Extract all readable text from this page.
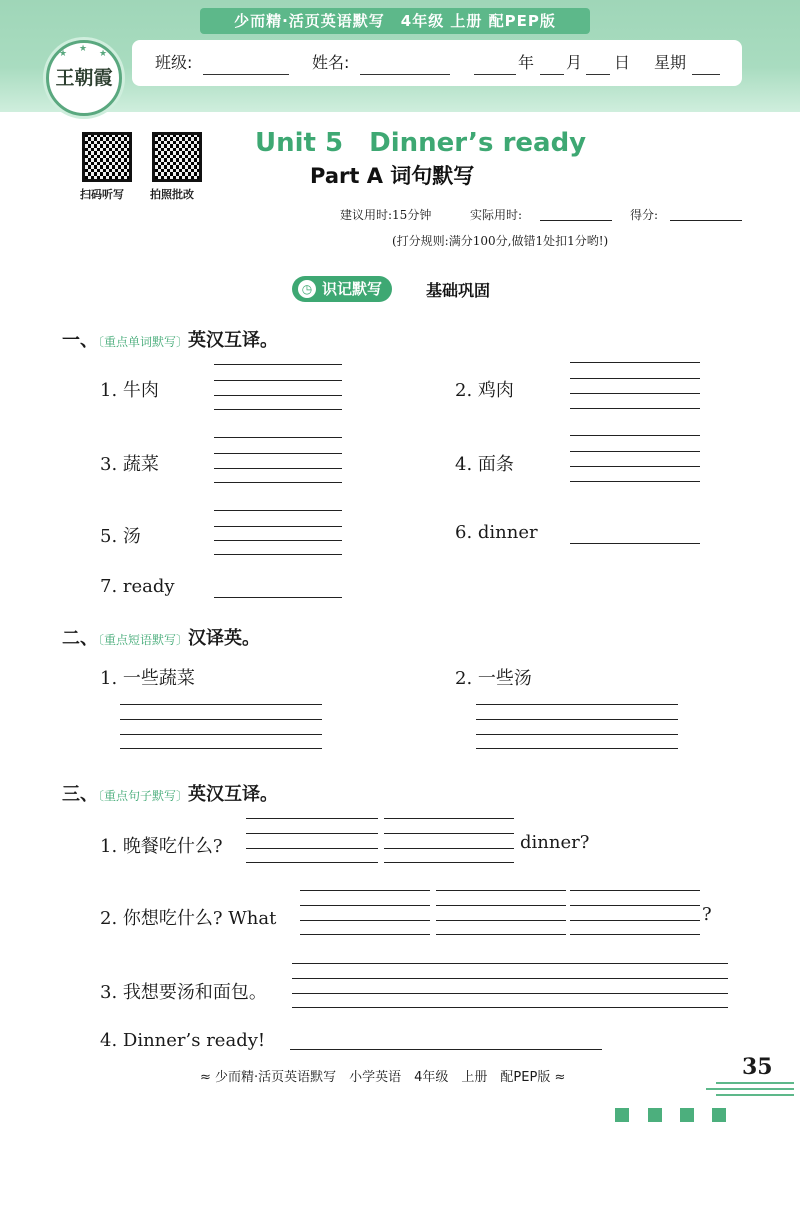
少而精·活页英语默写　4年级 上册 配PEP版
班级:	姓名:	年 月 日 星期
★ ★ ★
王朝霞
扫码听写 拍照批改
Unit 5　Dinner’s ready
Part A 词句默写
建议用时:15分钟	实际用时:	得分:
(打分规则:满分100分,做错1处扣1分哟!)
识记默写
◷	基础巩固
一、〔重点单词默写〕英汉互译。
1. 牛肉	2. 鸡肉
3. 蔬菜	4. 面条
5. 汤	6. dinner
7. ready
二、〔重点短语默写〕汉译英。
1. 一些蔬菜	2. 一些汤
三、〔重点句子默写〕英汉互译。
1. 晚餐吃什么?	dinner?
2. 你想吃什么? What	?
3. 我想要汤和面包。
4. Dinner’s ready!
≈ 少而精·活页英语默写　小学英语　4年级　上册　配PEP版 ≈	35
